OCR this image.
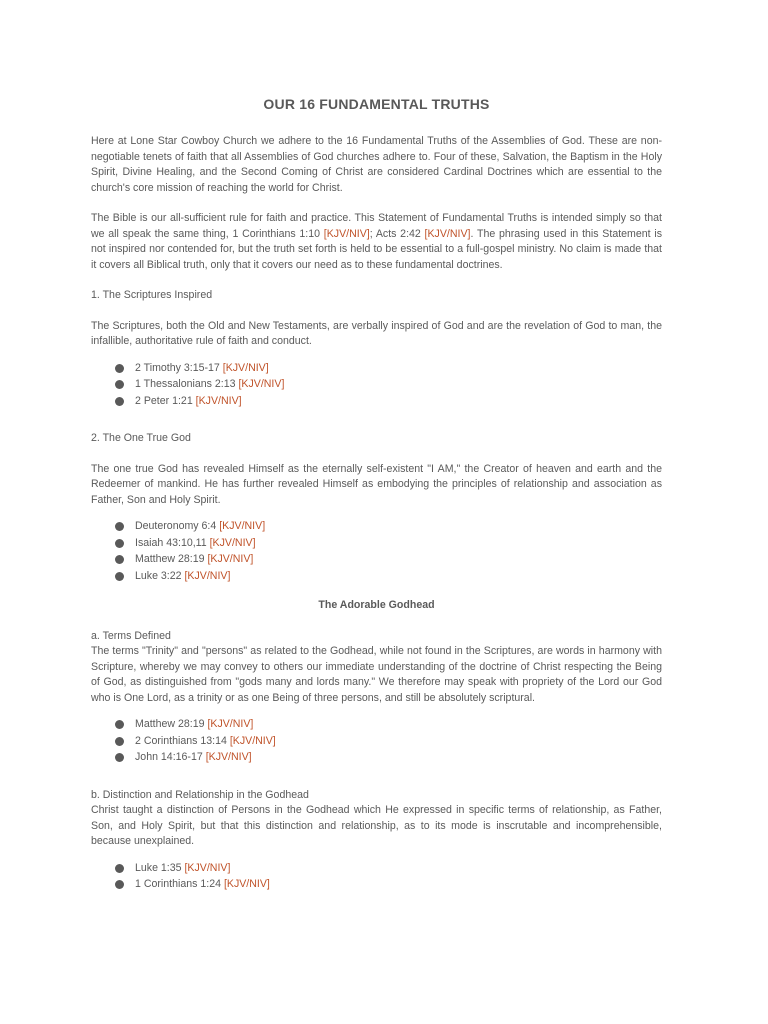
OUR 16 FUNDAMENTAL TRUTHS

Here at Lone Star Cowboy Church we adhere to the 16 Fundamental Truths of the Assemblies of God. These are non-negotiable tenets of faith that all Assemblies of God churches adhere to. Four of these, Salvation, the Baptism in the Holy Spirit, Divine Healing, and the Second Coming of Christ are considered Cardinal Doctrines which are essential to the church's core mission of reaching the world for Christ.

The Bible is our all-sufficient rule for faith and practice. This Statement of Fundamental Truths is intended simply so that we all speak the same thing, 1 Corinthians 1:10 [KJV/NIV]; Acts 2:42 [KJV/NIV]. The phrasing used in this Statement is not inspired nor contended for, but the truth set forth is held to be essential to a full-gospel ministry. No claim is made that it covers all Biblical truth, only that it covers our need as to these fundamental doctrines.

1. The Scriptures Inspired

The Scriptures, both the Old and New Testaments, are verbally inspired of God and are the revelation of God to man, the infallible, authoritative rule of faith and conduct.

2 Timothy 3:15-17 [KJV/NIV]
1 Thessalonians 2:13 [KJV/NIV]
2 Peter 1:21 [KJV/NIV]

2. The One True God

The one true God has revealed Himself as the eternally self-existent "I AM," the Creator of heaven and earth and the Redeemer of mankind. He has further revealed Himself as embodying the principles of relationship and association as Father, Son and Holy Spirit.

Deuteronomy 6:4 [KJV/NIV]
Isaiah 43:10,11 [KJV/NIV]
Matthew 28:19 [KJV/NIV]
Luke 3:22 [KJV/NIV]

The Adorable Godhead

a. Terms Defined

The terms "Trinity" and "persons" as related to the Godhead, while not found in the Scriptures, are words in harmony with Scripture, whereby we may convey to others our immediate understanding of the doctrine of Christ respecting the Being of God, as distinguished from "gods many and lords many." We therefore may speak with propriety of the Lord our God who is One Lord, as a trinity or as one Being of three persons, and still be absolutely scriptural.

Matthew 28:19 [KJV/NIV]
2 Corinthians 13:14 [KJV/NIV]
John 14:16-17 [KJV/NIV]

b. Distinction and Relationship in the Godhead

Christ taught a distinction of Persons in the Godhead which He expressed in specific terms of relationship, as Father, Son, and Holy Spirit, but that this distinction and relationship, as to its mode is inscrutable and incomprehensible, because unexplained.

Luke 1:35 [KJV/NIV]
1 Corinthians 1:24 [KJV/NIV]
